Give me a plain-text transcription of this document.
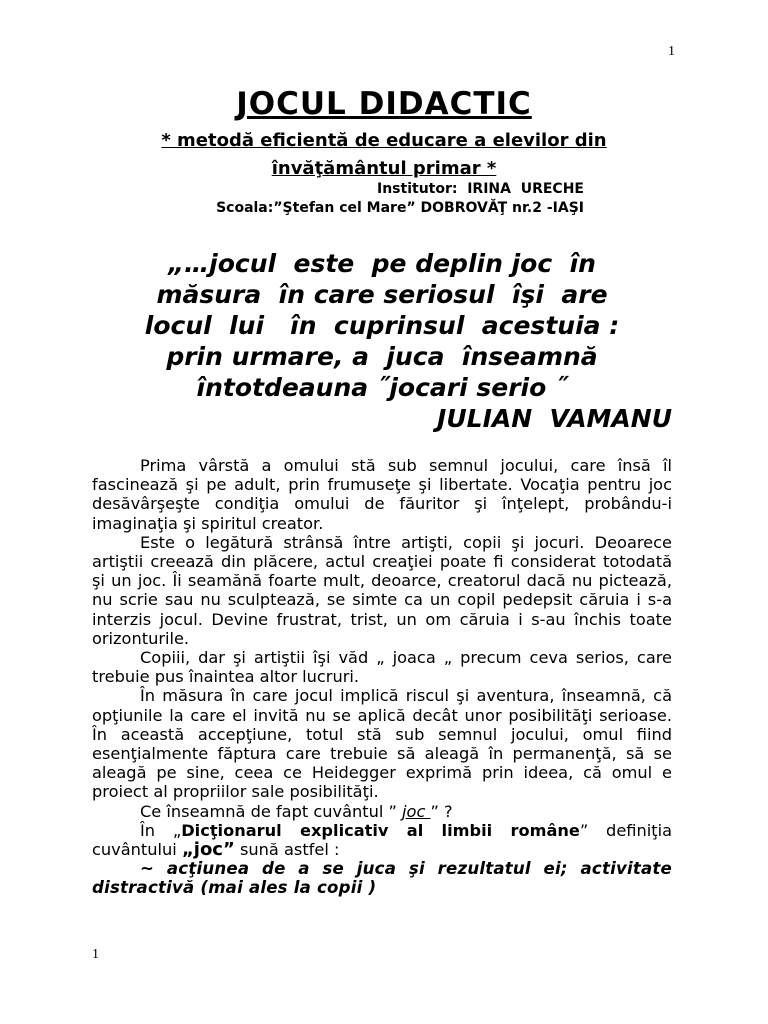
1
JOCUL DIDACTIC
* metodă eficientă de educare a elevilor din
învăţământul primar *
Institutor:  IRINA  URECHE
Scoala:”Ştefan cel Mare” DOBROVĂŢ nr.2 -IAŞI
„…jocul  este  pe deplin joc  în
măsura  în care seriosul  îşi  are
locul  lui   în  cuprinsul  acestuia :
prin urmare, a  juca  înseamnă
întotdeauna ˝jocari serio ˝
JULIAN  VAMANU

Prima vârstă a omului stă sub semnul jocului, care însă îl fascinează şi pe adult, prin frumuseţe şi libertate. Vocaţia pentru joc desăvârşeşte condiţia omului de făuritor şi înţelept, probându-i imaginaţia şi spiritul creator.

Este o legătură strânsă între artişti, copii şi jocuri. Deoarece artiştii creează din plăcere, actul creaţiei poate fi considerat totodată şi un joc. Îi seamănă foarte mult, deoarce, creatorul dacă nu pictează, nu scrie sau nu sculptează, se simte ca un copil pedepsit căruia i s-a interzis jocul. Devine frustrat, trist, un om căruia i s-au închis toate orizonturile.

Copiii, dar şi artiştii îşi văd „ joaca „ precum ceva serios, care trebuie pus înaintea altor lucruri.

În măsura în care jocul implică riscul şi aventura, înseamnă, că opţiunile la care el invită nu se aplică decât unor posibilităţi serioase. În această accepţiune, totul stă sub semnul jocului, omul fiind esenţialmente făptura care trebuie să aleagă în permanenţă, să se aleagă pe sine, ceea ce Heidegger exprimă prin ideea, că omul e proiect al propriilor sale posibilităţi.

Ce înseamnă de fapt cuvântul ” joc ” ?

În „Dicţionarul explicativ al limbii române” definiţia cuvântului „joc” sună astfel :

~ acţiunea de a se juca şi rezultatul ei; activitate distractivă (mai ales la copii )

1
